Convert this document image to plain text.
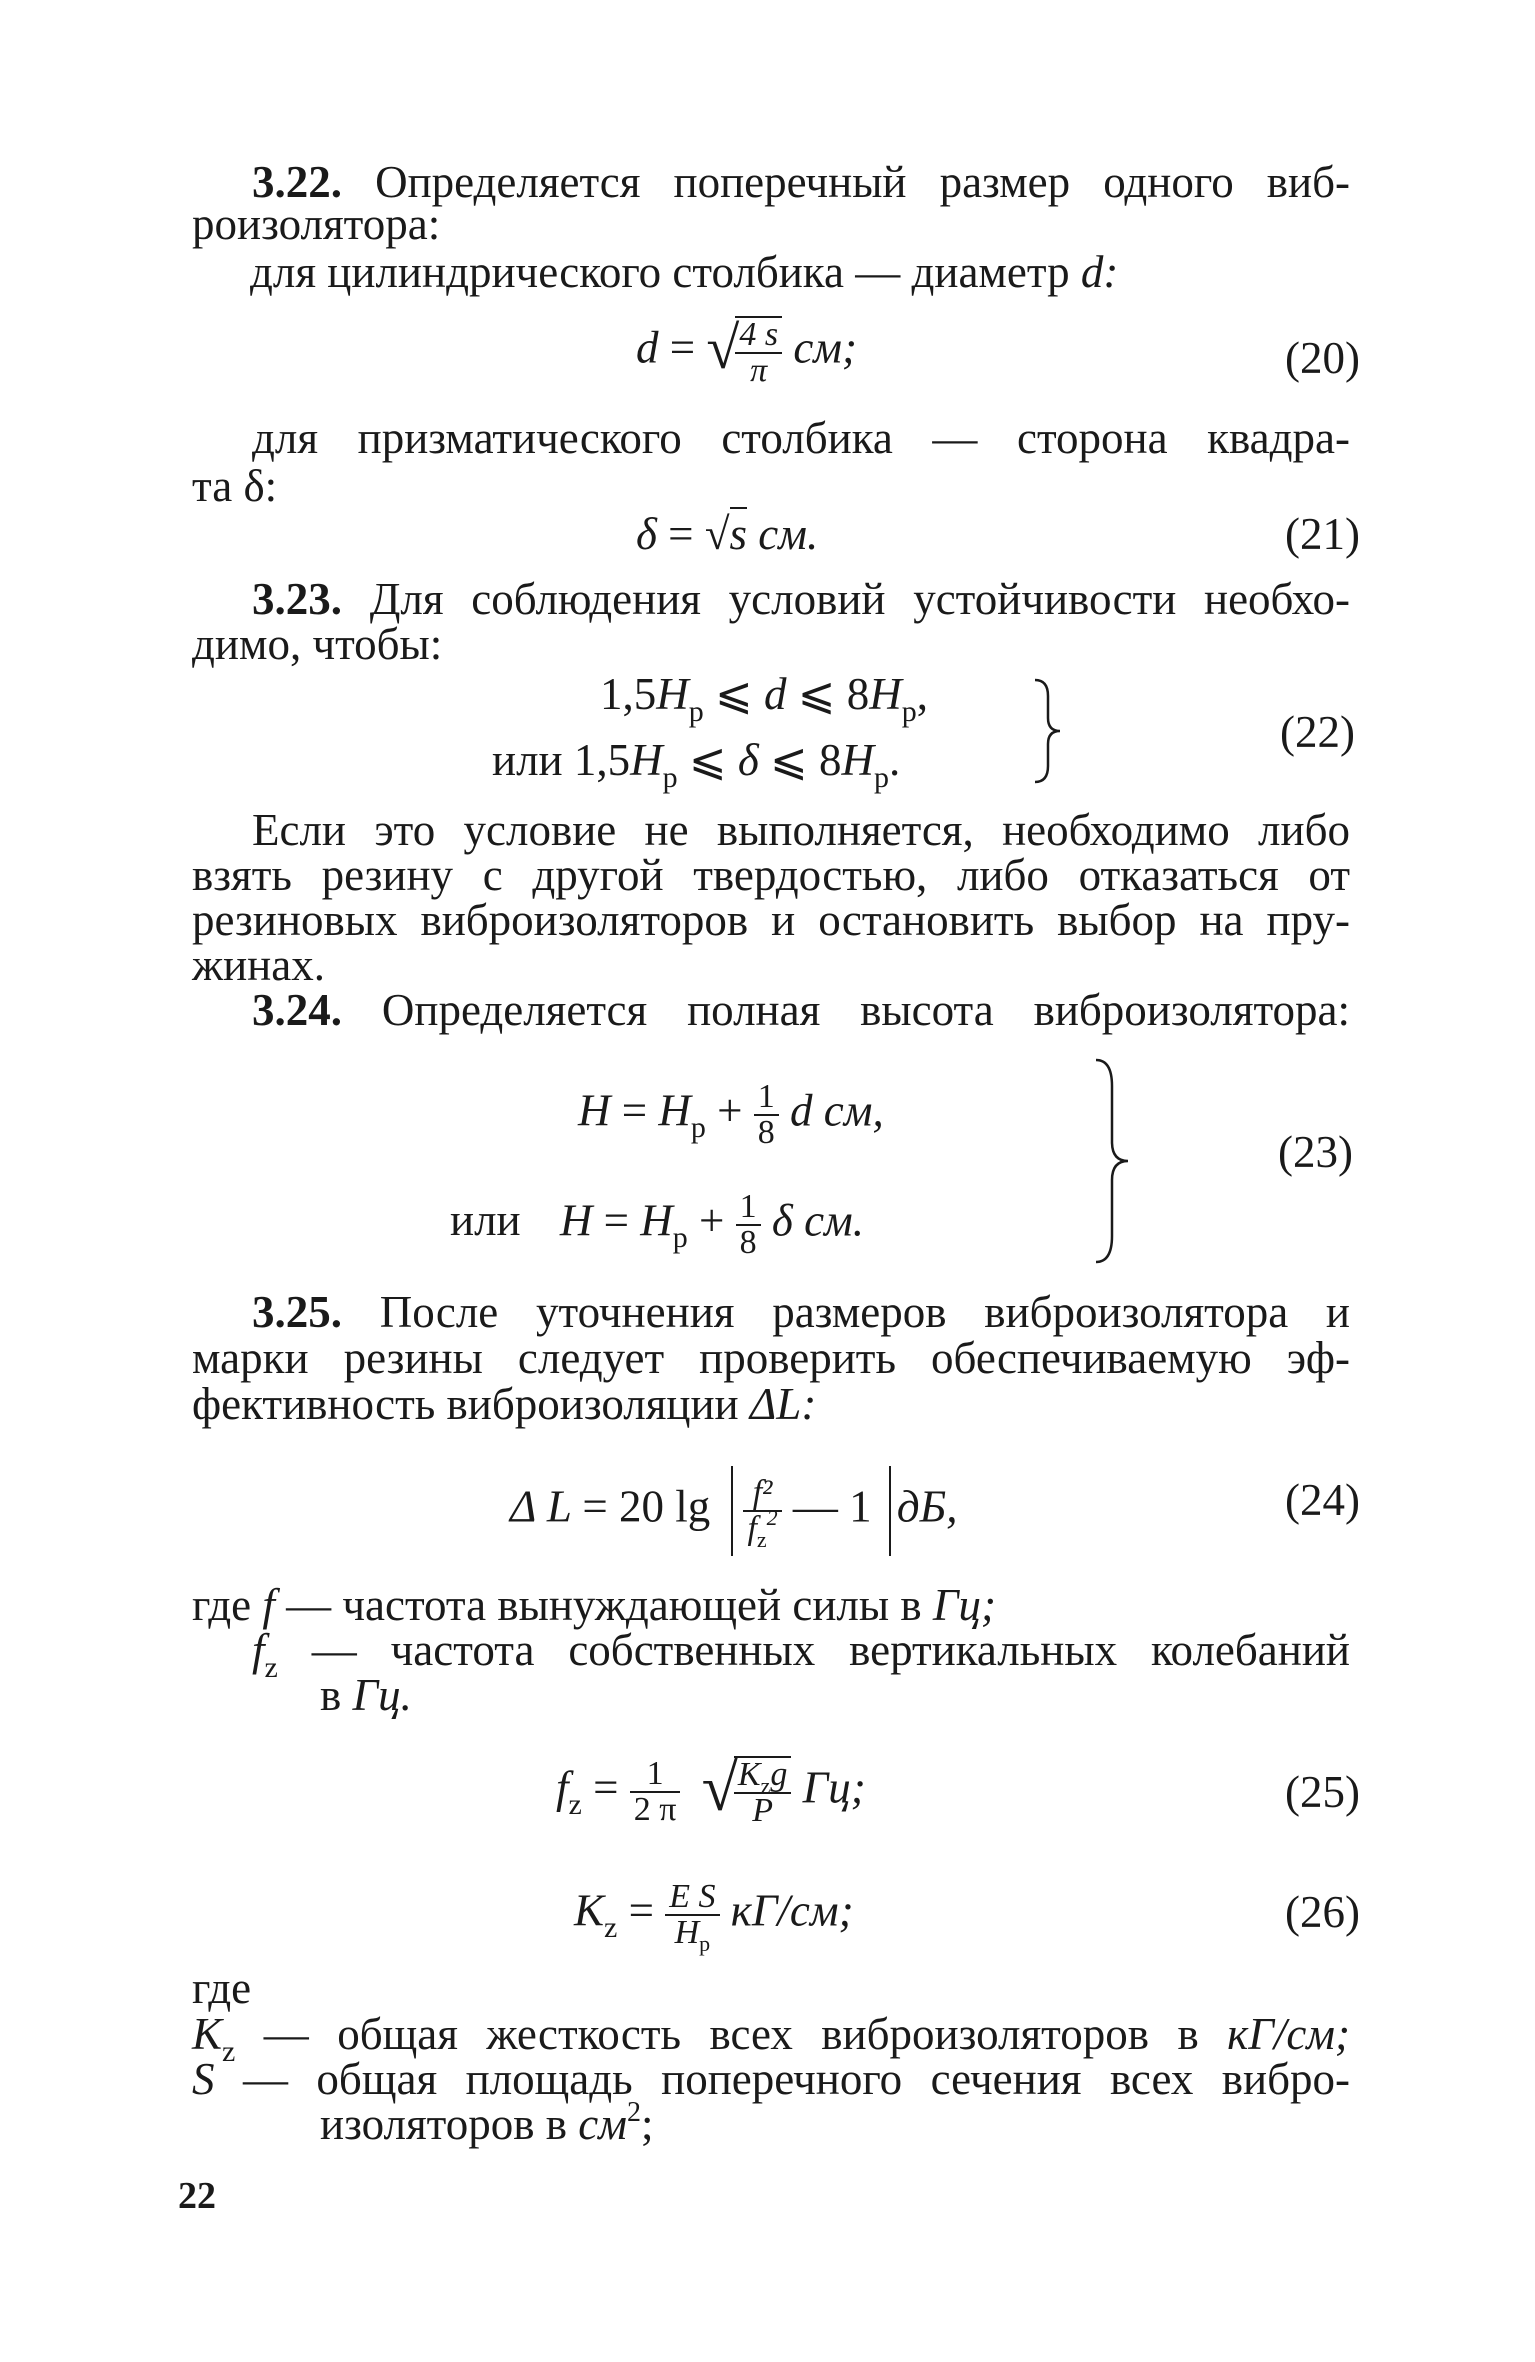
3.22. Определяется поперечный размер одного виб-
роизолятора:
для цилиндрического столбика — диаметр d:
d = √
$\frac{4 s}{\pi}$ см;	(20)
для призматического столбика — сторона квадра-
та δ:
δ = √s см.	(21)
3.23. Для соблюдения условий устойчивости необхо-
димо, чтобы:
$1,5H_р$ ⩽ d ⩽ $8H_р$,
или $1,5H_р$ ⩽ δ ⩽ $8H_р$.
(22)
Если это условие не выполняется, необходимо либо
взять резину с другой твердостью, либо отказаться от
резиновых виброизоляторов и остановить выбор на пру-
жинах.
3.24. Определяется полная высота виброизолятора:
$H = H_р + \frac{1}{8}$ d см,
или $H = H_р + \frac{1}{8}$ δ см.
(23)
3.25. После уточнения размеров виброизолятора и
марки резины следует проверить обеспечиваемую эф-
фективность виброизоляции ΔL:
Δ L = 20 $\lg \frac{\text{f²}}{f_z^2}$ — 1 дБ,	(24)
где f — частота вынуждающей силы в Гц;
$f_z$ — частота собственных вертикальных колебаний
в Гц.
$f_z = \frac{1}{2 \pi}$ √
$\frac{K_zg}{P}$ Гц;	(25)
$K_z = \frac{\text{E S}}{H_р} кГ/см$;	(26)
где
$K_z$ — общая жесткость всех виброизоляторов в кГ/см;
S — общая площадь поперечного сечения всех вибро-
изоляторов в $см^2$;
22
